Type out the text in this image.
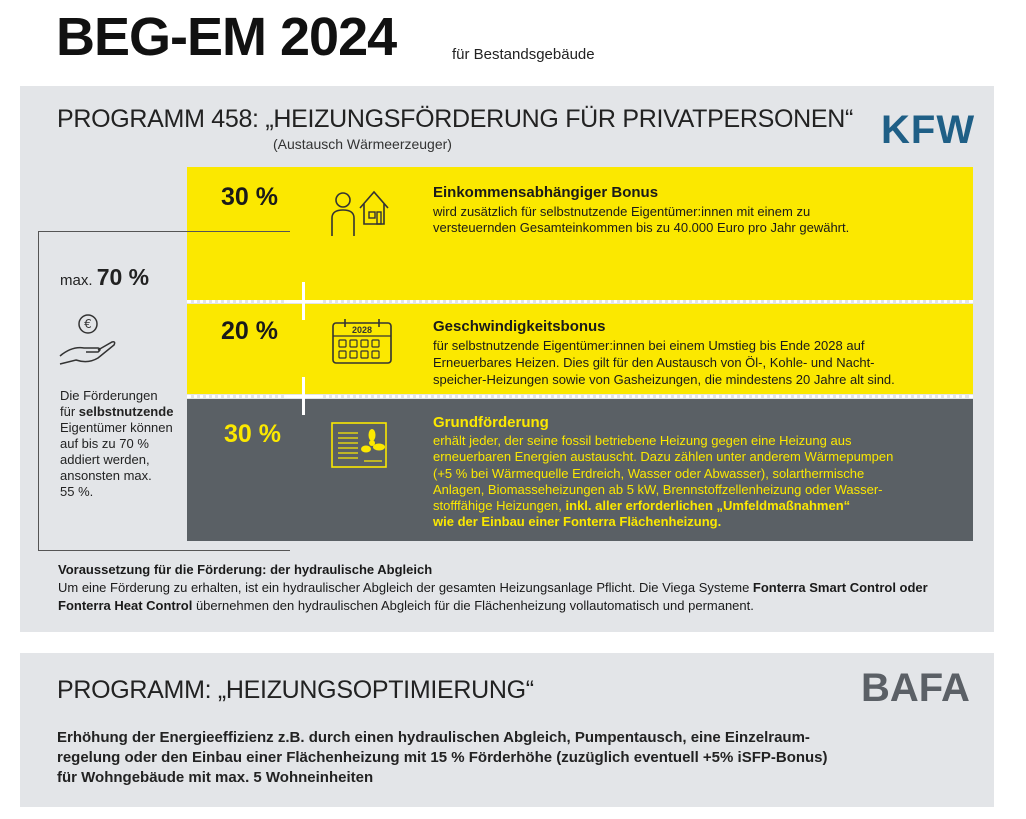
BEG-EM 2024	für Bestandsgebäude
PROGRAMM 458: „HEIZUNGSFÖRDERUNG FÜR PRIVATPERSONEN“
(Austausch Wärmeerzeuger)	KFW
30 %	Einkommensabhängiger Bonus
wird zusätzlich für selbstnutzende Eigentümer:innen mit einem zu
versteuernden Gesamteinkommen bis zu 40.000 Euro pro Jahr gewährt.
max. 70 %
€
Die Förderungen
für selbstnutzende
Eigentümer können
auf bis zu 70 %
addiert werden,
ansonsten max.
55 %.
20 %	2028	Geschwindigkeitsbonus
für selbstnutzende Eigentümer:innen bei einem Umstieg bis Ende 2028 auf
Erneuerbares Heizen. Dies gilt für den Austausch von Öl-, Kohle- und Nacht-
speicher-Heizungen sowie von Gasheizungen, die mindestens 20 Jahre alt sind.
30 %	Grundförderung
erhält jeder, der seine fossil betriebene Heizung gegen eine Heizung aus
erneuerbaren Energien austauscht. Dazu zählen unter anderem Wärmepumpen
(+5 % bei Wärmequelle Erdreich, Wasser oder Abwasser), solarthermische
Anlagen, Biomasseheizungen ab 5 kW, Brennstoffzellenheizung oder Wasser-
stofffähige Heizungen, inkl. aller erforderlichen „Umfeldmaßnahmen“
wie der Einbau einer Fonterra Flächenheizung.
Voraussetzung für die Förderung: der hydraulische Abgleich
Um eine Förderung zu erhalten, ist ein hydraulischer Abgleich der gesamten Heizungsanlage Pflicht. Die Viega Systeme Fonterra Smart Control oder Fonterra Heat Control übernehmen den hydraulischen Abgleich für die Flächenheizung vollautomatisch und permanent.
PROGRAMM: „HEIZUNGSOPTIMIERUNG“	BAFA
Erhöhung der Energieeffizienz z.B. durch einen hydraulischen Abgleich, Pumpentausch, eine Einzelraum-
regelung oder den Einbau einer Flächenheizung mit 15 % Förderhöhe (zuzüglich eventuell +5% iSFP-Bonus)
für Wohngebäude mit max. 5 Wohneinheiten
